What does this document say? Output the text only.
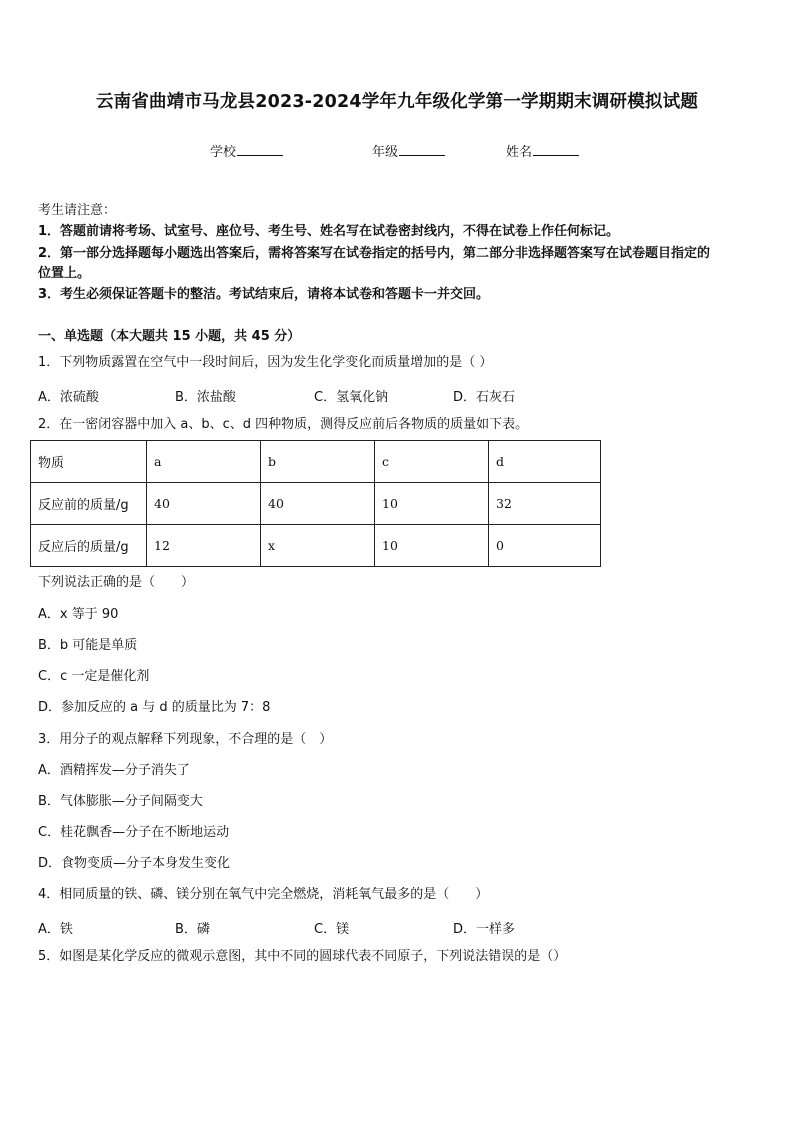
云南省曲靖市马龙县2023-2024学年九年级化学第一学期期末调研模拟试题
学校	年级	姓名
考生请注意：
1．答题前请将考场、试室号、座位号、考生号、姓名写在试卷密封线内，不得在试卷上作任何标记。
2．第一部分选择题每小题选出答案后，需将答案写在试卷指定的括号内，第二部分非选择题答案写在试卷题目指定的
位置上。
3．考生必须保证答题卡的整洁。考试结束后，请将本试卷和答题卡一并交回。
一、单选题（本大题共 15 小题，共 45 分）
1．下列物质露置在空气中一段时间后，因为发生化学变化而质量增加的是（ ）
A．浓硫酸	B．浓盐酸	C．氢氧化钠	D．石灰石
2．在一密闭容器中加入 a、b、c、d 四种物质，测得反应前后各物质的质量如下表。
物质	a	b	c	d
反应前的质量/g	40	40	10	32
反应后的质量/g	12	x	10	0
下列说法正确的是（　　）
A．x 等于 90
B．b 可能是单质
C．c 一定是催化剂
D．参加反应的 a 与 d 的质量比为 7：8
3．用分子的观点解释下列现象，不合理的是（　）
A．酒精挥发—分子消失了
B．气体膨胀—分子间隔变大
C．桂花飘香—分子在不断地运动
D．食物变质—分子本身发生变化
4．相同质量的铁、磷、镁分别在氧气中完全燃烧，消耗氧气最多的是（　　）
A．铁	B．磷	C．镁	D．一样多
5．如图是某化学反应的微观示意图，其中不同的圆球代表不同原子，下列说法错误的是（）
